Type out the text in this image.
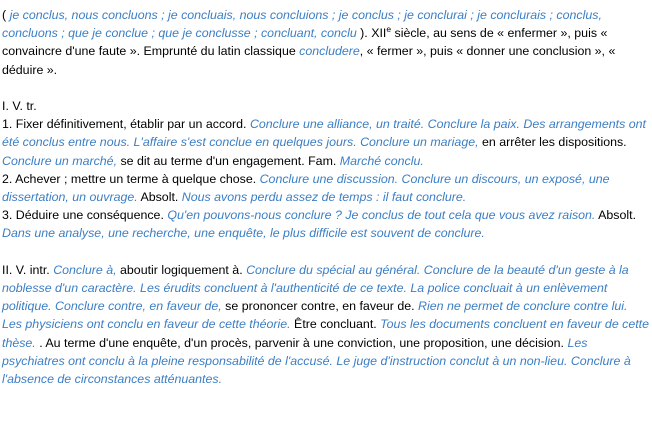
( je conclus, nous concluons ; je concluais, nous concluions ; je conclus ; je conclurai ; je conclurais ; conclus, concluons ; que je conclue ; que je conclusse ; concluant, conclu ). XIIe siècle, au sens de « enfermer », puis « convaincre d'une faute ». Emprunté du latin classique concludere, « fermer », puis « donner une conclusion », « déduire ».

I. V. tr.

1. Fixer définitivement, établir par un accord. Conclure une alliance, un traité. Conclure la paix. Des arrangements ont été conclus entre nous. L'affaire s'est conclue en quelques jours. Conclure un mariage, en arrêter les dispositions. Conclure un marché, se dit au terme d'un engagement. Fam. Marché conclu.

2. Achever ; mettre un terme à quelque chose. Conclure une discussion. Conclure un discours, un exposé, une dissertation, un ouvrage. Absolt. Nous avons perdu assez de temps : il faut conclure.

3. Déduire une conséquence. Qu'en pouvons-nous conclure ? Je conclus de tout cela que vous avez raison. Absolt. Dans une analyse, une recherche, une enquête, le plus difficile est souvent de conclure.

II. V. intr. Conclure à, aboutir logiquement à. Conclure du spécial au général. Conclure de la beauté d'un geste à la noblesse d'un caractère. Les érudits concluent à l'authenticité de ce texte. La police concluait à un enlèvement politique. Conclure contre, en faveur de, se prononcer contre, en faveur de. Rien ne permet de conclure contre lui. Les physiciens ont conclu en faveur de cette théorie. Être concluant. Tous les documents concluent en faveur de cette thèse. . Au terme d'une enquête, d'un procès, parvenir à une conviction, une proposition, une décision. Les psychiatres ont conclu à la pleine responsabilité de l'accusé. Le juge d'instruction conclut à un non-lieu. Conclure à l'absence de circonstances atténuantes.
